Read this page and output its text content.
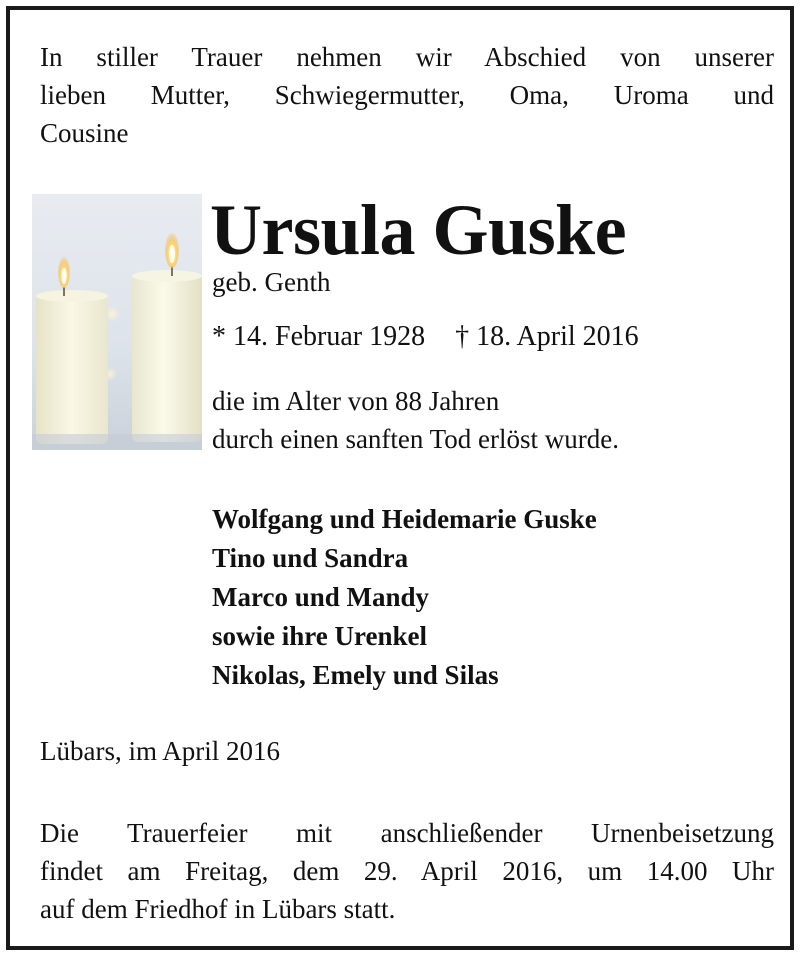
In stiller Trauer nehmen wir Abschied von unserer
lieben Mutter, Schwiegermutter, Oma, Uroma und
Cousine
Ursula Guske
geb. Genth
* 14. Februar 1928 † 18. April 2016
die im Alter von 88 Jahren
durch einen sanften Tod erlöst wurde.
Wolfgang und Heidemarie Guske
Tino und Sandra
Marco und Mandy
sowie ihre Urenkel
Nikolas, Emely und Silas
Lübars, im April 2016
Die Trauerfeier mit anschließender Urnenbeisetzung
findet am Freitag, dem 29. April 2016, um 14.00 Uhr
auf dem Friedhof in Lübars statt.
